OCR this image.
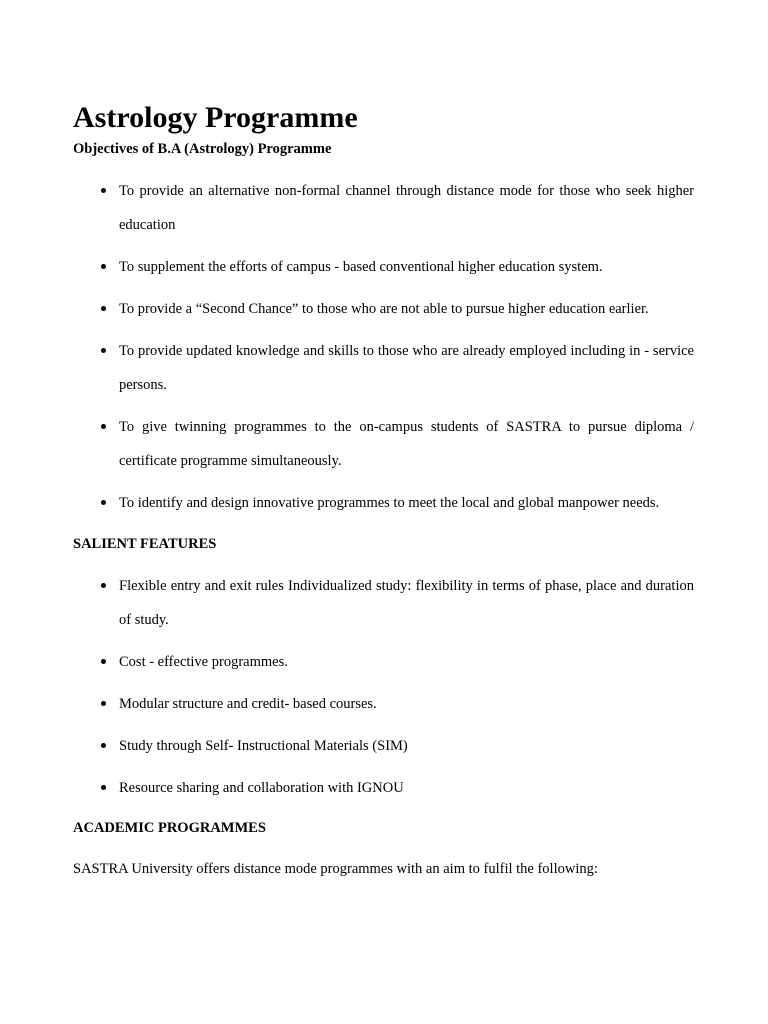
Astrology Programme

Objectives of B.A (Astrology) Programme

To provide an alternative non-formal channel through distance mode for those who seek higher education
To supplement the efforts of campus - based conventional higher education system.
To provide a “Second Chance” to those who are not able to pursue higher education earlier.
To provide updated knowledge and skills to those who are already employed including in - service persons.
To give twinning programmes to the on-campus students of SASTRA to pursue diploma / certificate programme simultaneously.
To identify and design innovative programmes to meet the local and global manpower needs.

SALIENT FEATURES

Flexible entry and exit rules Individualized study: flexibility in terms of phase, place and duration of study.
Cost - effective programmes.
Modular structure and credit- based courses.
Study through Self- Instructional Materials (SIM)
Resource sharing and collaboration with IGNOU

ACADEMIC PROGRAMMES

SASTRA University offers distance mode programmes with an aim to fulfil the following:
